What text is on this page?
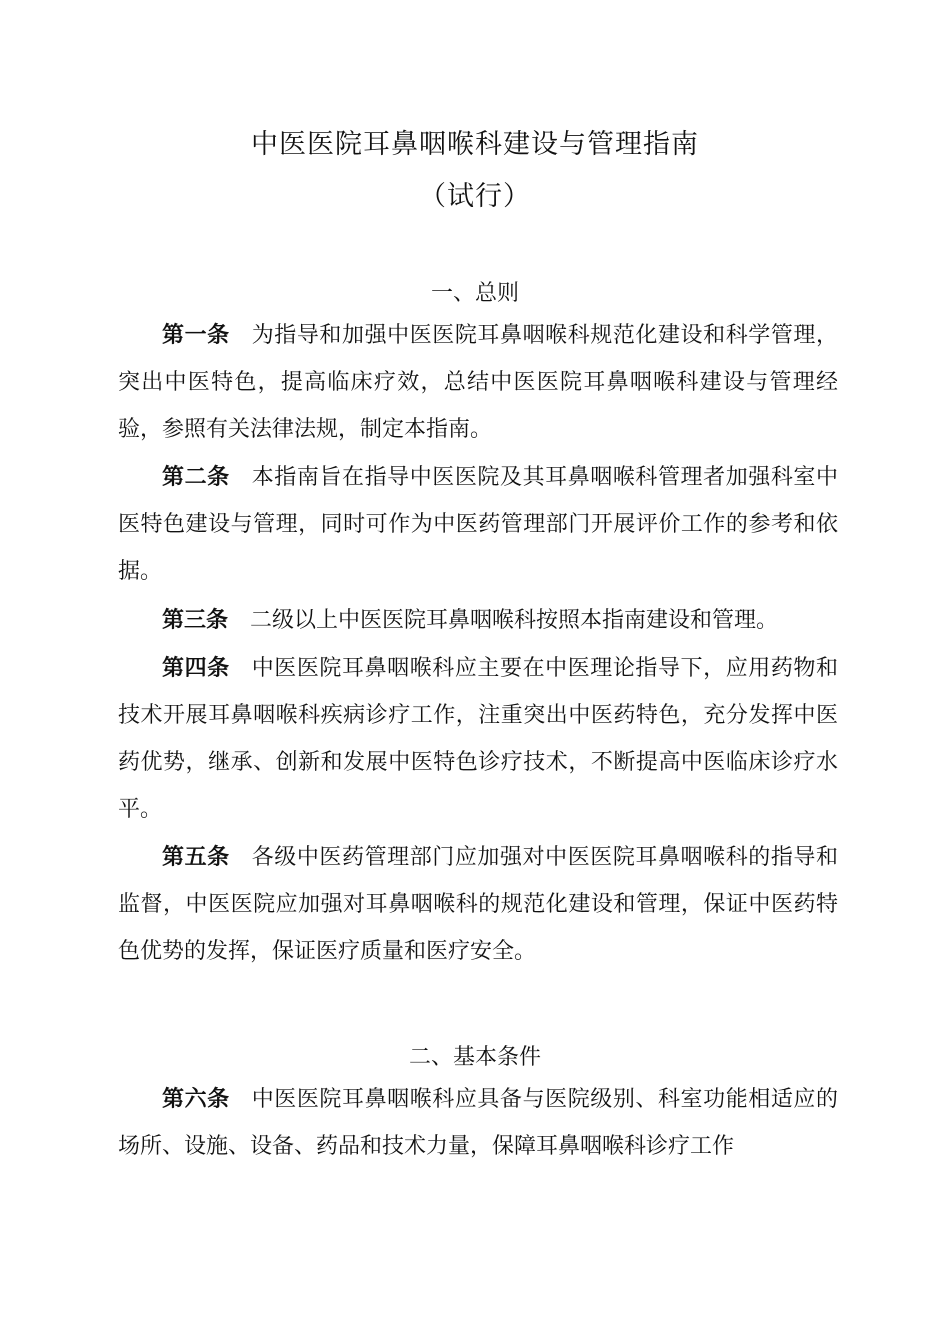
中医医院耳鼻咽喉科建设与管理指南
（试行）
一、总则

第一条 为指导和加强中医医院耳鼻咽喉科规范化建设和科学管理，突出中医特色，提高临床疗效，总结中医医院耳鼻咽喉科建设与管理经验，参照有关法律法规，制定本指南。

第二条 本指南旨在指导中医医院及其耳鼻咽喉科管理者加强科室中医特色建设与管理，同时可作为中医药管理部门开展评价工作的参考和依据。

第三条 二级以上中医医院耳鼻咽喉科按照本指南建设和管理。

第四条 中医医院耳鼻咽喉科应主要在中医理论指导下，应用药物和技术开展耳鼻咽喉科疾病诊疗工作，注重突出中医药特色，充分发挥中医药优势，继承、创新和发展中医特色诊疗技术，不断提高中医临床诊疗水平。

第五条 各级中医药管理部门应加强对中医医院耳鼻咽喉科的指导和监督，中医医院应加强对耳鼻咽喉科的规范化建设和管理，保证中医药特色优势的发挥，保证医疗质量和医疗安全。

二、基本条件

第六条 中医医院耳鼻咽喉科应具备与医院级别、科室功能相适应的场所、设施、设备、药品和技术力量，保障耳鼻咽喉科诊疗工作
